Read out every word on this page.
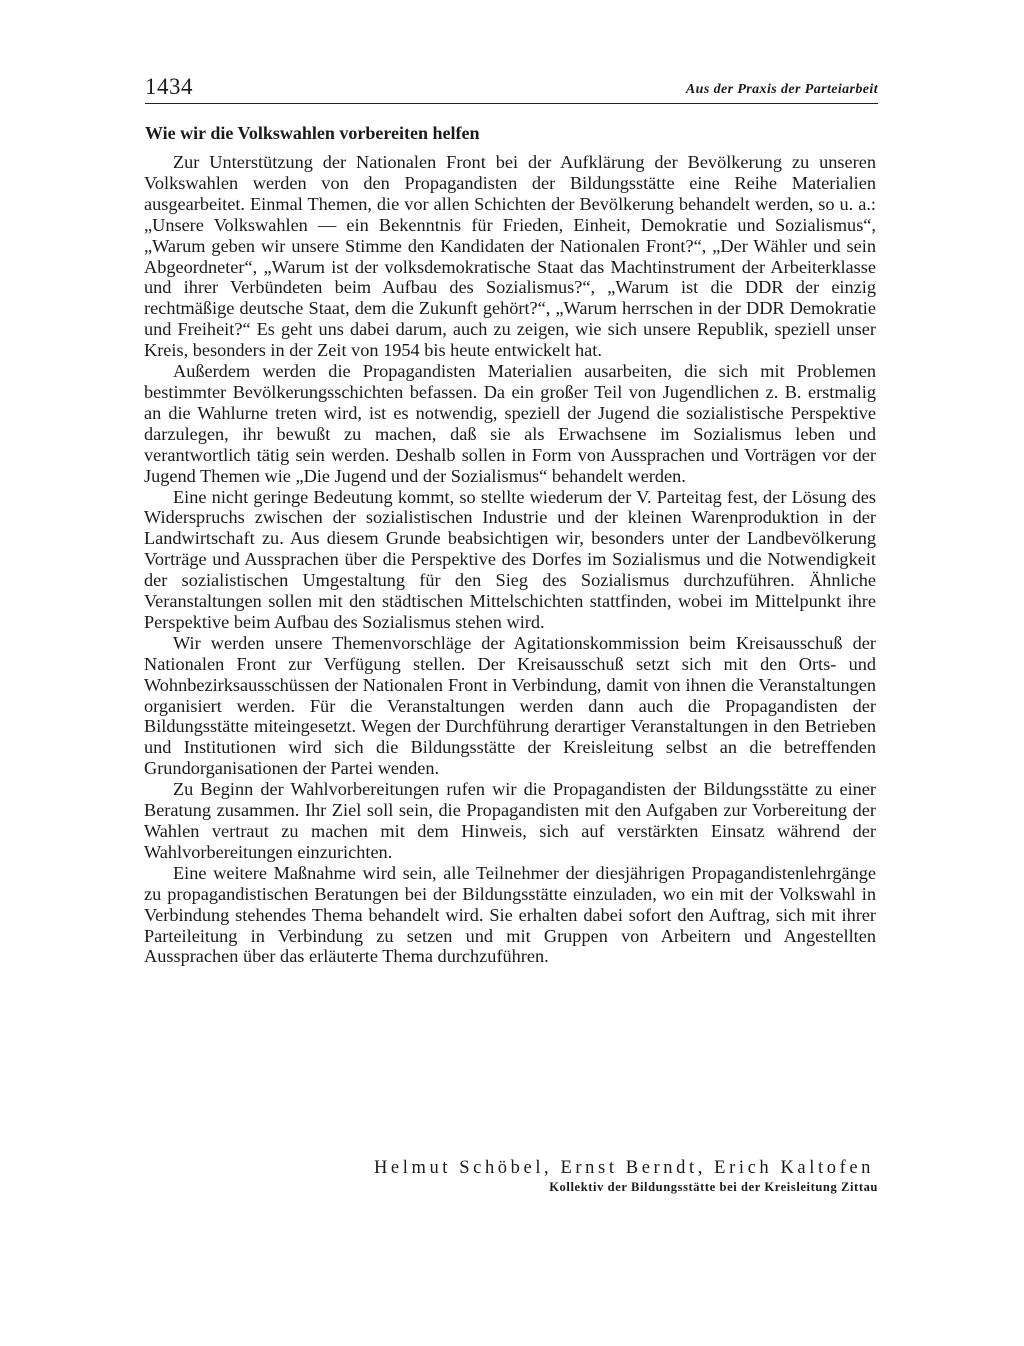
1434	Aus der Praxis der Parteiarbeit
Wie wir die Volkswahlen vorbereiten helfen

Zur Unterstützung der Nationalen Front bei der Aufklärung der Bevölkerung zu unseren Volkswahlen werden von den Propagandisten der Bildungsstätte eine Reihe Materialien ausgearbeitet. Einmal Themen, die vor allen Schichten der Bevölkerung behandelt werden, so u. a.: „Unsere Volkswahlen — ein Bekenntnis für Frieden, Einheit, Demokratie und Sozialismus“, „Warum geben wir unsere Stimme den Kandidaten der Nationalen Front?“, „Der Wähler und sein Abgeordneter“, „Warum ist der volksdemokratische Staat das Machtinstrument der Arbeiterklasse und ihrer Verbündeten beim Aufbau des Sozialismus?“, „Warum ist die DDR der einzig rechtmäßige deutsche Staat, dem die Zukunft gehört?“, „Warum herrschen in der DDR Demokratie und Freiheit?“ Es geht uns dabei darum, auch zu zeigen, wie sich unsere Republik, speziell unser Kreis, besonders in der Zeit von 1954 bis heute entwickelt hat.

Außerdem werden die Propagandisten Materialien ausarbeiten, die sich mit Problemen bestimmter Bevölkerungsschichten befassen. Da ein großer Teil von Jugendlichen z. B. erstmalig an die Wahlurne treten wird, ist es notwendig, speziell der Jugend die sozialistische Perspektive darzulegen, ihr bewußt zu machen, daß sie als Erwachsene im Sozialismus leben und verantwortlich tätig sein werden. Deshalb sollen in Form von Aussprachen und Vorträgen vor der Jugend Themen wie „Die Jugend und der Sozialismus“ behandelt werden.

Eine nicht geringe Bedeutung kommt, so stellte wiederum der V. Parteitag fest, der Lösung des Widerspruchs zwischen der sozialistischen Industrie und der kleinen Warenproduktion in der Landwirtschaft zu. Aus diesem Grunde beabsichtigen wir, besonders unter der Landbevölkerung Vorträge und Aussprachen über die Perspektive des Dorfes im Sozialismus und die Notwendigkeit der sozialistischen Umgestaltung für den Sieg des Sozialismus durchzuführen. Ähnliche Veranstaltungen sollen mit den städtischen Mittelschichten stattfinden, wobei im Mittelpunkt ihre Perspektive beim Aufbau des Sozialismus stehen wird.

Wir werden unsere Themenvorschläge der Agitationskommission beim Kreisausschuß der Nationalen Front zur Verfügung stellen. Der Kreisausschuß setzt sich mit den Orts- und Wohnbezirksausschüssen der Nationalen Front in Verbindung, damit von ihnen die Veranstaltungen organisiert werden. Für die Veranstaltungen werden dann auch die Propagandisten der Bildungsstätte miteingesetzt. Wegen der Durchführung derartiger Veranstaltungen in den Betrieben und Institutionen wird sich die Bildungsstätte der Kreisleitung selbst an die betreffenden Grundorganisationen der Partei wenden.

Zu Beginn der Wahlvorbereitungen rufen wir die Propagandisten der Bildungsstätte zu einer Beratung zusammen. Ihr Ziel soll sein, die Propagandisten mit den Aufgaben zur Vorbereitung der Wahlen vertraut zu machen mit dem Hinweis, sich auf verstärkten Einsatz während der Wahlvorbereitungen einzurichten.

Eine weitere Maßnahme wird sein, alle Teilnehmer der diesjährigen Propagandistenlehrgänge zu propagandistischen Beratungen bei der Bildungsstätte einzuladen, wo ein mit der Volkswahl in Verbindung stehendes Thema behandelt wird. Sie erhalten dabei sofort den Auftrag, sich mit ihrer Parteileitung in Verbindung zu setzen und mit Gruppen von Arbeitern und Angestellten Aussprachen über das erläuterte Thema durchzuführen.

Helmut Schöbel, Ernst Berndt, Erich Kaltofen
Kollektiv der Bildungsstätte bei der Kreisleitung Zittau
